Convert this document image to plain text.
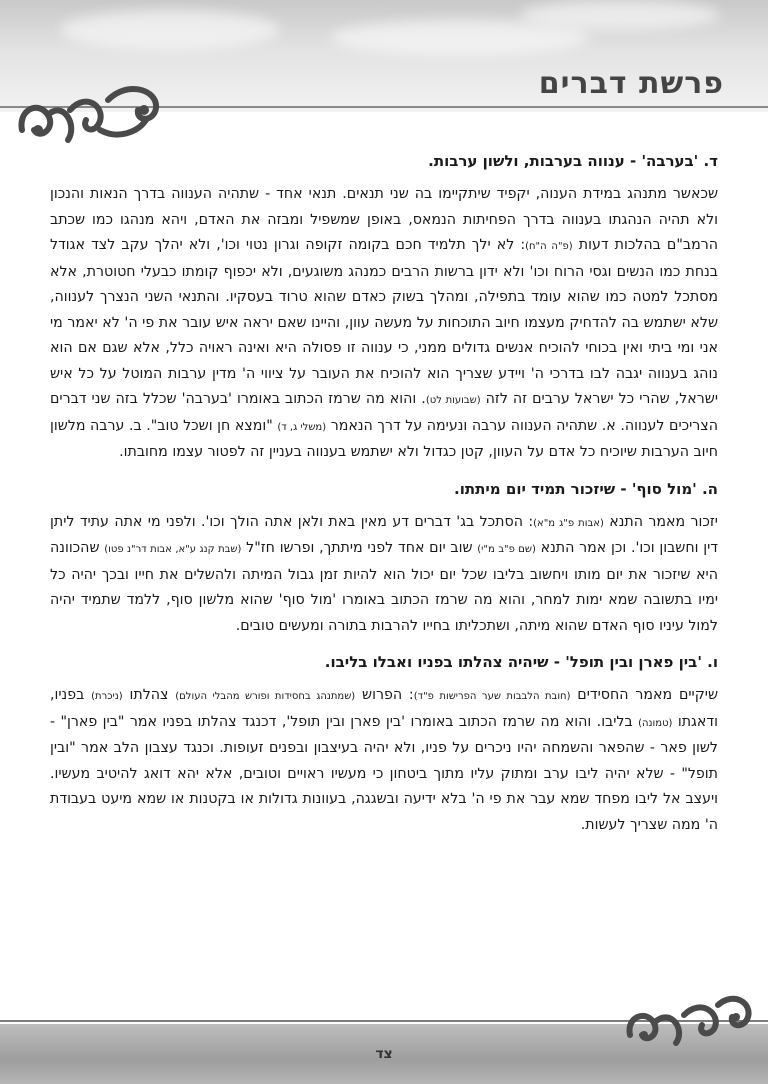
פרשת דברים
ד. 'בערבה' - ענווה בערבות, ולשון ערבות.
שכאשר מתנהג במידת הענוה, יקפיד שיתקיימו בה שני תנאים. תנאי אחד - שתהיה הענווה בדרך הנאות והנכון ולא תהיה הנהגתו בענווה בדרך הפחיתות הנמאס, באופן שמשפיל ומבזה את האדם, ויהא מנהגו כמו שכתב הרמב"ם בהלכות דעות (פ"ה ה"ח): לא ילך תלמיד חכם בקומה זקופה וגרון נטוי וכו', ולא יהלך עקב לצד אגודל בנחת כמו הנשים וגסי הרוח וכו' ולא ידון ברשות הרבים כמנהג משוגעים, ולא יכפוף קומתו כבעלי חטוטרת, אלא מסתכל למטה כמו שהוא עומד בתפילה, ומהלך בשוק כאדם שהוא טרוד בעסקיו. והתנאי השני הנצרך לענווה, שלא ישתמש בה להדחיק מעצמו חיוב התוכחות על מעשה עוון, והיינו שאם יראה איש עובר את פי ה' לא יאמר מי אני ומי ביתי ואין בכוחי להוכיח אנשים גדולים ממני, כי ענווה זו פסולה היא ואינה ראויה כלל, אלא שגם אם הוא נוהג בענווה יגבה לבו בדרכי ה' ויידע שצריך הוא להוכיח את העובר על ציווי ה' מדין ערבות המוטל על כל איש ישראל, שהרי כל ישראל ערבים זה לזה (שבועות לט). והוא מה שרמז הכתוב באומרו 'בערבה' שכלל בזה שני דברים הצריכים לענווה. א. שתהיה הענווה ערבה ונעימה על דרך הנאמר (משלי ג, ד) "ומצא חן ושכל טוב". ב. ערבה מלשון חיוב הערבות שיוכיח כל אדם על העוון, קטן כגדול ולא ישתמש בענווה בעניין זה לפטור עצמו מחובתו.
ה. 'מול סוף' - שיזכור תמיד יום מיתתו.
יזכור מאמר התנא (אבות פ"ג מ"א): הסתכל בג' דברים דע מאין באת ולאן אתה הולך וכו'. ולפני מי אתה עתיד ליתן דין וחשבון וכו'. וכן אמר התנא (שם פ"ב מ"י) שוב יום אחד לפני מיתתך, ופרשו חז"ל (שבת קנג ע"א, אבות דר"נ פטו) שהכוונה היא שיזכור את יום מותו ויחשוב בליבו שכל יום יכול הוא להיות זמן גבול המיתה ולהשלים את חייו ובכך יהיה כל ימיו בתשובה שמא ימות למחר, והוא מה שרמז הכתוב באומרו 'מול סוף' שהוא מלשון סוף, ללמד שתמיד יהיה למול עיניו סוף האדם שהוא מיתה, ושתכליתו בחייו להרבות בתורה ומעשים טובים.
ו. 'בין פארן ובין תופל' - שיהיה צהלתו בפניו ואבלו בליבו.
שיקיים מאמר החסידים (חובת הלבבות שער הפרישות פ"ד): הפרוש (שמתנהג בחסידות ופורש מהבלי העולם) צהלתו (ניכרת) בפניו, ודאגתו (טמונה) בליבו. והוא מה שרמז הכתוב באומרו 'בין פארן ובין תופל', דכנגד צהלתו בפניו אמר "בין פארן" - לשון פאר - שהפאר והשמחה יהיו ניכרים על פניו, ולא יהיה בעיצבון ובפנים זעופות. וכנגד עצבון הלב אמר "ובין תופל" - שלא יהיה ליבו ערב ומתוק עליו מתוך ביטחון כי מעשיו ראויים וטובים, אלא יהא דואג להיטיב מעשיו. ויעצב אל ליבו מפחד שמא עבר את פי ה' בלא ידיעה ובשגגה, בעוונות גדולות או בקטנות או שמא מיעט בעבודת ה' ממה שצריך לעשות.
צד
